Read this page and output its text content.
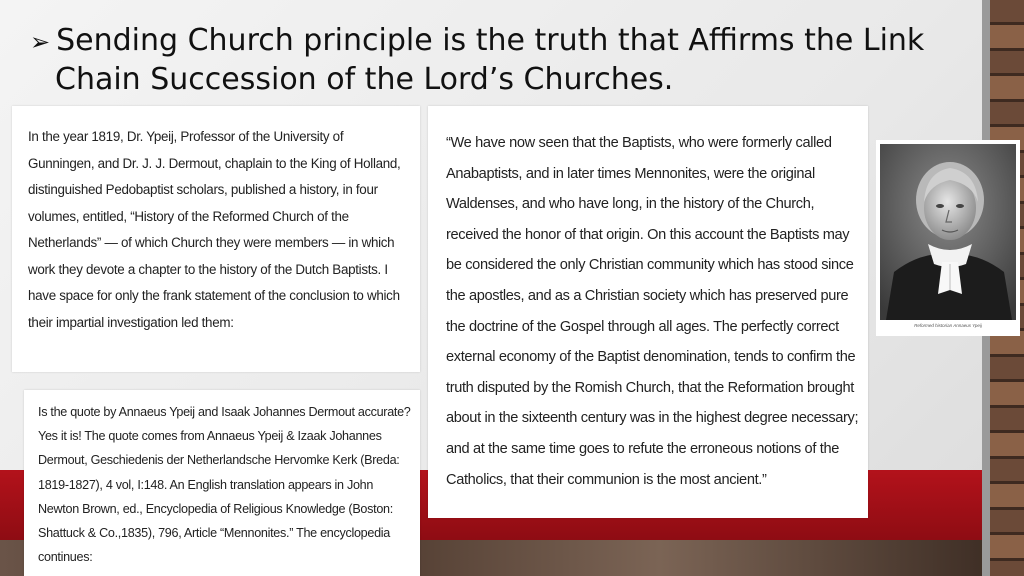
➢ Sending Church principle is the truth that Affirms the Link
Chain Succession of the Lord’s Churches.

In the year 1819, Dr. Ypeij, Professor of the University of Gunningen, and Dr. J. J. Dermout, chaplain to the King of Holland, distinguished Pedobaptist scholars, published a history, in four volumes, entitled, “History of the Reformed Church of the Netherlands” — of which Church they were members — in which work they devote a chapter to the history of the Dutch Baptists. I have space for only the frank statement of the conclusion to which their impartial investigation led them:

Is the quote by Annaeus Ypeij and Isaak Johannes Dermout accurate? Yes it is! The quote comes from Annaeus Ypeij & Izaak Johannes Dermout, Geschiedenis der Netherlandsche Hervomke Kerk (Breda: 1819-1827), 4 vol, I:148. An English translation appears in John Newton Brown, ed., Encyclopedia of Religious Knowledge (Boston: Shattuck & Co.,1835), 796, Article “Mennonites.” The encyclopedia continues:

“We have now seen that the Baptists, who were formerly called Anabaptists, and in later times Mennonites, were the original Waldenses, and who have long, in the history of the Church, received the honor of that origin. On this account the Baptists may be considered the only Christian community which has stood since the apostles, and as a Christian society which has preserved pure the doctrine of the Gospel through all ages. The perfectly correct external economy of the Baptist denomination, tends to confirm the truth disputed by the Romish Church, that the Reformation brought about in the sixteenth century was in the highest degree necessary; and at the same time goes to refute the erroneous notions of the Catholics, that their communion is the most ancient.”

Reformed historian Annaeus Ypeij
